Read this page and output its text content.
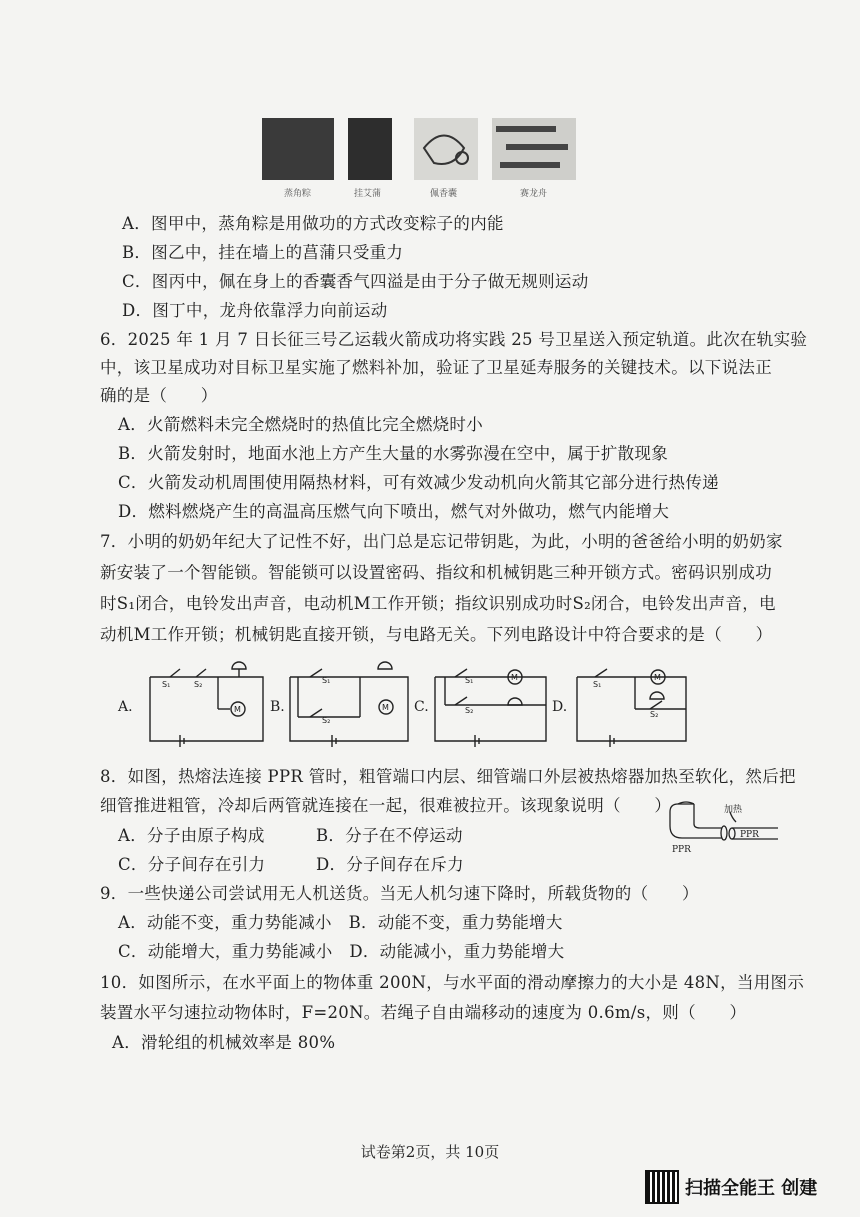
蒸角粽	挂艾蒲	佩香囊	赛龙舟
A．图甲中，蒸角粽是用做功的方式改变粽子的内能
B．图乙中，挂在墙上的菖蒲只受重力
C．图丙中，佩在身上的香囊香气四溢是由于分子做无规则运动
D．图丁中，龙舟依靠浮力向前运动
6．2025 年 1 月 7 日长征三号乙运载火箭成功将实践 25 号卫星送入预定轨道。此次在轨实验
中，该卫星成功对目标卫星实施了燃料补加，验证了卫星延寿服务的关键技术。以下说法正
确的是（　　）
A．火箭燃料未完全燃烧时的热值比完全燃烧时小
B．火箭发射时，地面水池上方产生大量的水雾弥漫在空中，属于扩散现象
C．火箭发动机周围使用隔热材料，可有效减少发动机向火箭其它部分进行热传递
D．燃料燃烧产生的高温高压燃气向下喷出，燃气对外做功，燃气内能增大
7．小明的奶奶年纪大了记性不好，出门总是忘记带钥匙，为此，小明的爸爸给小明的奶奶家
新安装了一个智能锁。智能锁可以设置密码、指纹和机械钥匙三种开锁方式。密码识别成功
时S₁闭合，电铃发出声音，电动机M工作开锁；指纹识别成功时S₂闭合，电铃发出声音，电
动机M工作开锁；机械钥匙直接开锁，与电路无关。下列电路设计中符合要求的是（　　）
S₁	S₂
M
S₁
S₂
M
S₁
S₂
M
S₁
M
S₂
A.	B.	C.	D.
8．如图，热熔法连接 PPR 管时，粗管端口内层、细管端口外层被热熔器加热至软化，然后把
细管推进粗管，冷却后两管就连接在一起，很难被拉开。该现象说明（　　）
A．分子由原子构成	B．分子在不停运动
C．分子间存在引力	D．分子间存在斥力
加热
PPR
PPR
9．一些快递公司尝试用无人机送货。当无人机匀速下降时，所载货物的（　　）
A．动能不变，重力势能减小　B．动能不变，重力势能增大
C．动能增大，重力势能减小　D．动能减小，重力势能增大
10．如图所示，在水平面上的物体重 200N，与水平面的滑动摩擦力的大小是 48N，当用图示
装置水平匀速拉动物体时，F=20N。若绳子自由端移动的速度为 0.6m/s，则（　　）
A．滑轮组的机械效率是 80%
试卷第2页，共 10页
扫描全能王 创建
